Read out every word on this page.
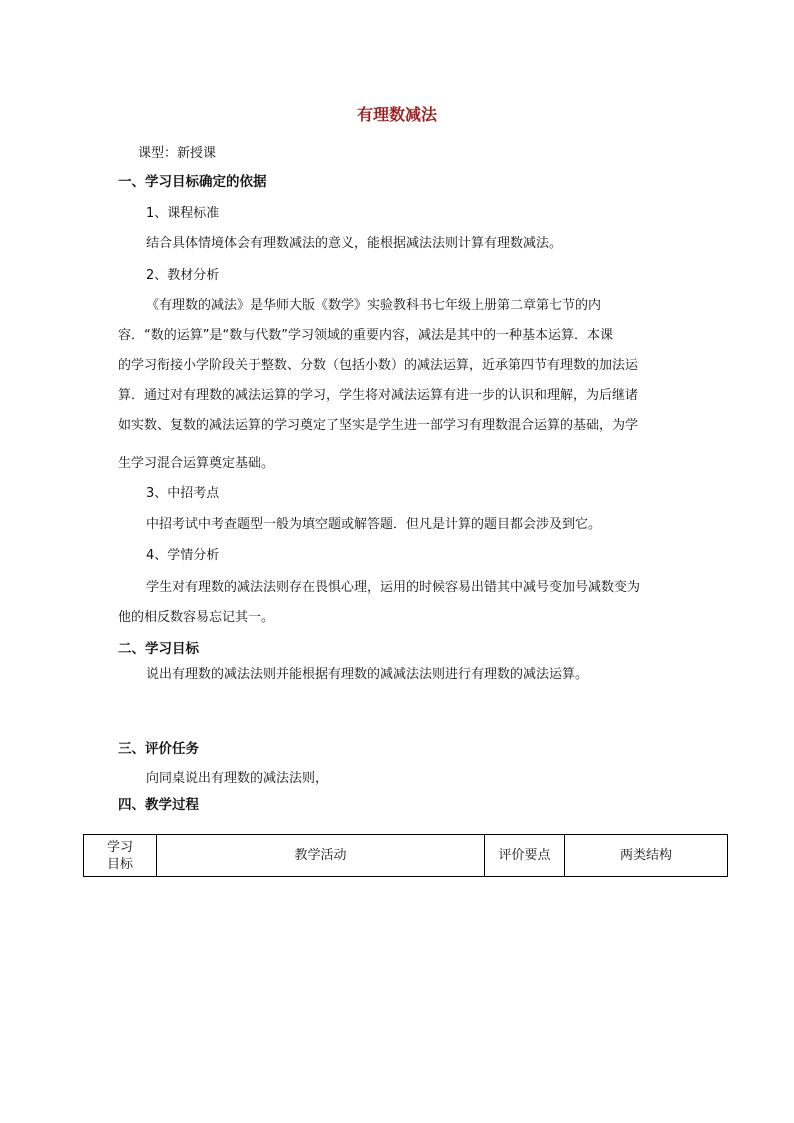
有理数减法
课型：新授课
一、学习目标确定的依据
1、课程标准
结合具体情境体会有理数减法的意义，能根据减法法则计算有理数减法。
2、教材分析
《有理数的减法》是华师大版《数学》实验教科书七年级上册第二章第七节的内
容．“数的运算”是“数与代数”学习领域的重要内容，减法是其中的一种基本运算．本课
的学习衔接小学阶段关于整数、分数（包括小数）的减法运算，近承第四节有理数的加法运
算．通过对有理数的减法运算的学习，学生将对减法运算有进一步的认识和理解，为后继诸
如实数、复数的减法运算的学习奠定了坚实是学生进一部学习有理数混合运算的基础，为学
生学习混合运算奠定基础。
3、中招考点
中招考试中考查题型一般为填空题或解答题．但凡是计算的题目都会涉及到它。
4、学情分析
学生对有理数的减法法则存在畏惧心理，运用的时候容易出错其中减号变加号减数变为
他的相反数容易忘记其一。
二、学习目标
说出有理数的减法法则并能根据有理数的减减法法则进行有理数的减法运算。
三、评价任务
向同桌说出有理数的减法法则，
四、教学过程
学习
目标
	教学活动	评价要点	两类结构
